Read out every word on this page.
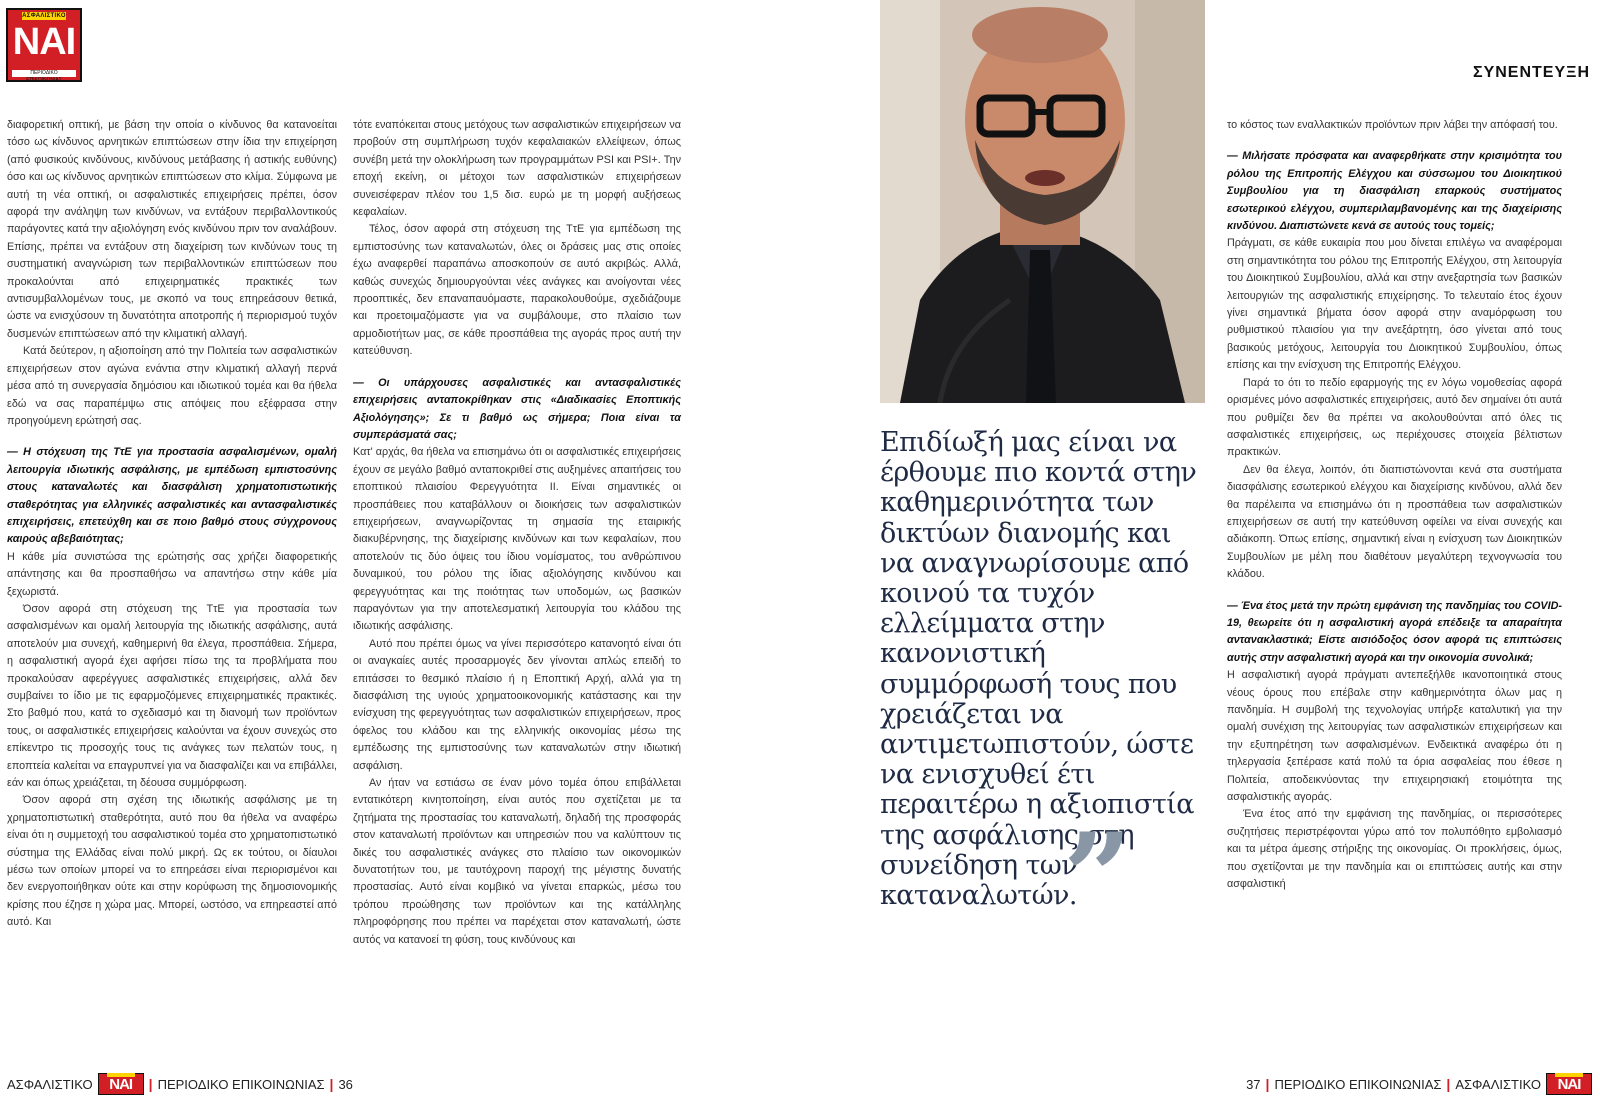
ΑΣΦΑΛΙΣΤΙΚΟ
ΝΑΙ
ΠΕΡΙΟΔΙΚΟ ΕΠΙΚΟΙΝΩΝΙΑΣ

διαφορετική οπτική, με βάση την οποία ο κίνδυνος θα κατανοείται τόσο ως κίνδυνος αρνητικών επιπτώσεων στην ίδια την επιχείρηση (από φυσικούς κινδύνους, κινδύνους μετάβασης ή αστικής ευθύνης) όσο και ως κίνδυνος αρνητικών επιπτώσεων στο κλίμα. Σύμφωνα με αυτή τη νέα οπτική, οι ασφαλιστικές επιχειρήσεις πρέπει, όσον αφορά την ανάληψη των κινδύνων, να εντάξουν περιβαλλοντικούς παράγοντες κατά την αξιολόγηση ενός κινδύνου πριν τον αναλάβουν. Επίσης, πρέπει να εντάξουν στη διαχείριση των κινδύνων τους τη συστηματική αναγνώριση των περιβαλλοντικών επιπτώσεων που προκαλούνται από επιχειρηματικές πρακτικές των αντισυμβαλλομένων τους, με σκοπό να τους επηρεάσουν θετικά, ώστε να ενισχύσουν τη δυνατότητα αποτροπής ή περιορισμού τυχόν δυσμενών επιπτώσεων από την κλιματική αλλαγή.

Κατά δεύτερον, η αξιοποίηση από την Πολιτεία των ασφαλιστικών επιχειρήσεων στον αγώνα ενάντια στην κλιματική αλλαγή περνά μέσα από τη συνεργασία δημόσιου και ιδιωτικού τομέα και θα ήθελα εδώ να σας παραπέμψω στις απόψεις που εξέφρασα στην προηγούμενη ερώτησή σας.

— Η στόχευση της ΤτΕ για προστασία ασφαλισμένων, ομαλή λειτουργία ιδιωτικής ασφάλισης, με εμπέδωση εμπιστοσύνης στους καταναλωτές και διασφάλιση χρηματοπιστωτικής σταθερότητας για ελληνικές ασφαλιστικές και αντασφαλιστικές επιχειρήσεις, επετεύχθη και σε ποιο βαθμό στους σύγχρονους καιρούς αβεβαιότητας;

Η κάθε μία συνιστώσα της ερώτησής σας χρήζει διαφορετικής απάντησης και θα προσπαθήσω να απαντήσω στην κάθε μία ξεχωριστά.

Όσον αφορά στη στόχευση της ΤτΕ για προστασία των ασφαλισμένων και ομαλή λειτουργία της ιδιωτικής ασφάλισης, αυτά αποτελούν μια συνεχή, καθημερινή θα έλεγα, προσπάθεια. Σήμερα, η ασφαλιστική αγορά έχει αφήσει πίσω της τα προβλήματα που προκαλούσαν αφερέγγυες ασφαλιστικές επιχειρήσεις, αλλά δεν συμβαίνει το ίδιο με τις εφαρμοζόμενες επιχειρηματικές πρακτικές. Στο βαθμό που, κατά το σχεδιασμό και τη διανομή των προϊόντων τους, οι ασφαλιστικές επιχειρήσεις καλούνται να έχουν συνεχώς στο επίκεντρο τις προσοχής τους τις ανάγκες των πελατών τους, η εποπτεία καλείται να επαγρυπνεί για να διασφαλίζει και να επιβάλλει, εάν και όπως χρειάζεται, τη δέουσα συμμόρφωση.

Όσον αφορά στη σχέση της ιδιωτικής ασφάλισης με τη χρηματοπιστωτική σταθερότητα, αυτό που θα ήθελα να αναφέρω είναι ότι η συμμετοχή του ασφαλιστικού τομέα στο χρηματοπιστωτικό σύστημα της Ελλάδας είναι πολύ μικρή. Ως εκ τούτου, οι δίαυλοι μέσω των οποίων μπορεί να το επηρεάσει είναι περιορισμένοι και δεν ενεργοποιήθηκαν ούτε και στην κορύφωση της δημοσιονομικής κρίσης που έζησε η χώρα μας. Μπορεί, ωστόσο, να επηρεαστεί από αυτό. Και

τότε εναπόκειται στους μετόχους των ασφαλιστικών επιχειρήσεων να προβούν στη συμπλήρωση τυχόν κεφαλαιακών ελλείψεων, όπως συνέβη μετά την ολοκλήρωση των προγραμμάτων PSI και PSI+. Την εποχή εκείνη, οι μέτοχοι των ασφαλιστικών επιχειρήσεων συνεισέφεραν πλέον του 1,5 δισ. ευρώ με τη μορφή αυξήσεως κεφαλαίων.

Τέλος, όσον αφορά στη στόχευση της ΤτΕ για εμπέδωση της εμπιστοσύνης των καταναλωτών, όλες οι δράσεις μας στις οποίες έχω αναφερθεί παραπάνω αποσκοπούν σε αυτό ακριβώς. Αλλά, καθώς συνεχώς δημιουργούνται νέες ανάγκες και ανοίγονται νέες προοπτικές, δεν επαναπαυόμαστε, παρακολουθούμε, σχεδιάζουμε και προετοιμαζόμαστε για να συμβάλουμε, στο πλαίσιο των αρμοδιοτήτων μας, σε κάθε προσπάθεια της αγοράς προς αυτή την κατεύθυνση.

— Οι υπάρχουσες ασφαλιστικές και αντασφαλιστικές επιχειρήσεις ανταποκρίθηκαν στις «Διαδικασίες Εποπτικής Αξιολόγησης»; Σε τι βαθμό ως σήμερα; Ποια είναι τα συμπεράσματά σας;

Κατ' αρχάς, θα ήθελα να επισημάνω ότι οι ασφαλιστικές επιχειρήσεις έχουν σε μεγάλο βαθμό ανταποκριθεί στις αυξημένες απαιτήσεις του εποπτικού πλαισίου Φερεγγυότητα ΙΙ. Είναι σημαντικές οι προσπάθειες που καταβάλλουν οι διοικήσεις των ασφαλιστικών επιχειρήσεων, αναγνωρίζοντας τη σημασία της εταιρικής διακυβέρνησης, της διαχείρισης κινδύνων και των κεφαλαίων, που αποτελούν τις δύο όψεις του ίδιου νομίσματος, του ανθρώπινου δυναμικού, του ρόλου της ίδιας αξιολόγησης κινδύνου και φερεγγυότητας και της ποιότητας των υποδομών, ως βασικών παραγόντων για την αποτελεσματική λειτουργία του κλάδου της ιδιωτικής ασφάλισης.

Αυτό που πρέπει όμως να γίνει περισσότερο κατανοητό είναι ότι οι αναγκαίες αυτές προσαρμογές δεν γίνονται απλώς επειδή το επιτάσσει το θεσμικό πλαίσιο ή η Εποπτική Αρχή, αλλά για τη διασφάλιση της υγιούς χρηματοοικονομικής κατάστασης και την ενίσχυση της φερεγγυότητας των ασφαλιστικών επιχειρήσεων, προς όφελος του κλάδου και της ελληνικής οικονομίας μέσω της εμπέδωσης της εμπιστοσύνης των καταναλωτών στην ιδιωτική ασφάλιση.

Αν ήταν να εστιάσω σε έναν μόνο τομέα όπου επιβάλλεται εντατικότερη κινητοποίηση, είναι αυτός που σχετίζεται με τα ζητήματα της προστασίας του καταναλωτή, δηλαδή της προσφοράς στον καταναλωτή προϊόντων και υπηρεσιών που να καλύπτουν τις δικές του ασφαλιστικές ανάγκες στο πλαίσιο των οικονομικών δυνατοτήτων του, με ταυτόχρονη παροχή της μέγιστης δυνατής προστασίας. Αυτό είναι κομβικό να γίνεται επαρκώς, μέσω του τρόπου προώθησης των προϊόντων και της κατάλληλης πληροφόρησης που πρέπει να παρέχεται στον καταναλωτή, ώστε αυτός να κατανοεί τη φύση, τους κινδύνους και

ΑΣΦΑΛΙΣΤΙΚΟ	ΝΑΙ	| ΠΕΡΙΟΔΙΚΟ ΕΠΙΚΟΙΝΩΝΙΑΣ | 36
ΣΥΝΕΝΤΕΥΞΗ
Επιδίωξή μας είναι να έρθουμε πιο κοντά στην καθημερινότητα των δικτύων διανομής και να αναγνωρίσουμε από κοινού τα τυχόν ελλείμματα στην κανονιστική συμμόρφωσή τους που χρειάζεται να αντιμετωπιστούν, ώστε να ενισχυθεί έτι περαιτέρω η αξιοπιστία της ασφάλισης στη συνείδηση των καταναλωτών.
”

το κόστος των εναλλακτικών προϊόντων πριν λάβει την απόφασή του.

— Μιλήσατε πρόσφατα και αναφερθήκατε στην κρισιμότητα του ρόλου της Επιτροπής Ελέγχου και σύσσωμου του Διοικητικού Συμβουλίου για τη διασφάλιση επαρκούς συστήματος εσωτερικού ελέγχου, συμπεριλαμβανομένης και της διαχείρισης κινδύνου. Διαπιστώνετε κενά σε αυτούς τους τομείς;

Πράγματι, σε κάθε ευκαιρία που μου δίνεται επιλέγω να αναφέρομαι στη σημαντικότητα του ρόλου της Επιτροπής Ελέγχου, στη λειτουργία του Διοικητικού Συμβουλίου, αλλά και στην ανεξαρτησία των βασικών λειτουργιών της ασφαλιστικής επιχείρησης. Το τελευταίο έτος έχουν γίνει σημαντικά βήματα όσον αφορά στην αναμόρφωση του ρυθμιστικού πλαισίου για την ανεξάρτητη, όσο γίνεται από τους βασικούς μετόχους, λειτουργία του Διοικητικού Συμβουλίου, όπως επίσης και την ενίσχυση της Επιτροπής Ελέγχου.

Παρά το ότι το πεδίο εφαρμογής της εν λόγω νομοθεσίας αφορά ορισμένες μόνο ασφαλιστικές επιχειρήσεις, αυτό δεν σημαίνει ότι αυτά που ρυθμίζει δεν θα πρέπει να ακολουθούνται από όλες τις ασφαλιστικές επιχειρήσεις, ως περιέχουσες στοιχεία βέλτιστων πρακτικών.

Δεν θα έλεγα, λοιπόν, ότι διαπιστώνονται κενά στα συστήματα διασφάλισης εσωτερικού ελέγχου και διαχείρισης κινδύνου, αλλά δεν θα παρέλειπα να επισημάνω ότι η προσπάθεια των ασφαλιστικών επιχειρήσεων σε αυτή την κατεύθυνση οφείλει να είναι συνεχής και αδιάκοπη. Όπως επίσης, σημαντική είναι η ενίσχυση των Διοικητικών Συμβουλίων με μέλη που διαθέτουν μεγαλύτερη τεχνογνωσία του κλάδου.

— Ένα έτος μετά την πρώτη εμφάνιση της πανδημίας του COVID-19, θεωρείτε ότι η ασφαλιστική αγορά επέδειξε τα απαραίτητα αντανακλαστικά; Είστε αισιόδοξος όσον αφορά τις επιπτώσεις αυτής στην ασφαλιστική αγορά και την οικονομία συνολικά;

Η ασφαλιστική αγορά πράγματι αντεπεξήλθε ικανοποιητικά στους νέους όρους που επέβαλε στην καθημερινότητα όλων μας η πανδημία. Η συμβολή της τεχνολογίας υπήρξε καταλυτική για την ομαλή συνέχιση της λειτουργίας των ασφαλιστικών επιχειρήσεων και την εξυπηρέτηση των ασφαλισμένων. Ενδεικτικά αναφέρω ότι η τηλεργασία ξεπέρασε κατά πολύ τα όρια ασφαλείας που έθεσε η Πολιτεία, αποδεικνύοντας την επιχειρησιακή ετοιμότητα της ασφαλιστικής αγοράς.

Ένα έτος από την εμφάνιση της πανδημίας, οι περισσότερες συζητήσεις περιστρέφονται γύρω από τον πολυπόθητο εμβολιασμό και τα μέτρα άμεσης στήριξης της οικονομίας. Οι προκλήσεις, όμως, που σχετίζονται με την πανδημία και οι επιπτώσεις αυτής και στην ασφαλιστική

37 | ΠΕΡΙΟΔΙΚΟ ΕΠΙΚΟΙΝΩΝΙΑΣ | ΑΣΦΑΛΙΣΤΙΚΟ	ΝΑΙ
